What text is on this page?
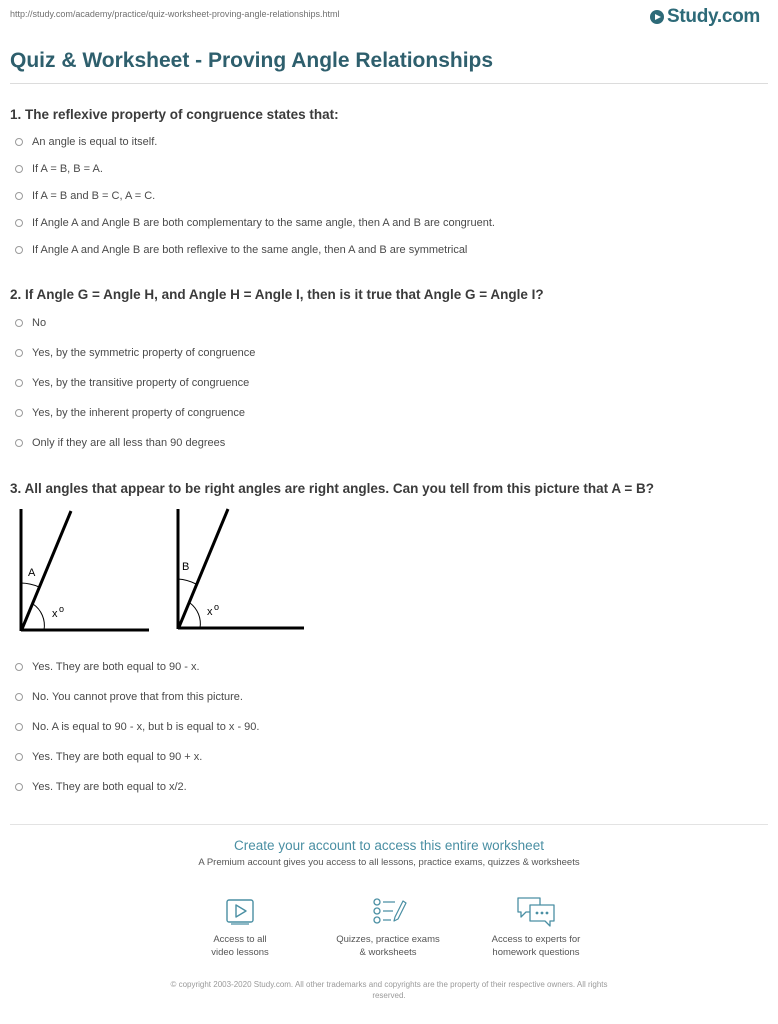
http://study.com/academy/practice/quiz-worksheet-proving-angle-relationships.html	Study.com
Quiz & Worksheet - Proving Angle Relationships
1. The reflexive property of congruence states that:
An angle is equal to itself.
If A = B, B = A.
If A = B and B = C, A = C.
If Angle A and Angle B are both complementary to the same angle, then A and B are congruent.
If Angle A and Angle B are both reflexive to the same angle, then A and B are symmetrical
2. If Angle G = Angle H, and Angle H = Angle I, then is it true that Angle G = Angle I?
No
Yes, by the symmetric property of congruence
Yes, by the transitive property of congruence
Yes, by the inherent property of congruence
Only if they are all less than 90 degrees
3. All angles that appear to be right angles are right angles. Can you tell from this picture that A = B?
A
x o
B
x o
Yes. They are both equal to 90 - x.
No. You cannot prove that from this picture.
No. A is equal to 90 - x, but b is equal to x - 90.
Yes. They are both equal to 90 + x.
Yes. They are both equal to x/2.
Create your account to access this entire worksheet
A Premium account gives you access to all lessons, practice exams, quizzes & worksheets
Access to all
video lessons
Quizzes, practice exams
& worksheets
Access to experts for
homework questions
© copyright 2003-2020 Study.com. All other trademarks and copyrights are the property of their respective owners. All rights
reserved.
